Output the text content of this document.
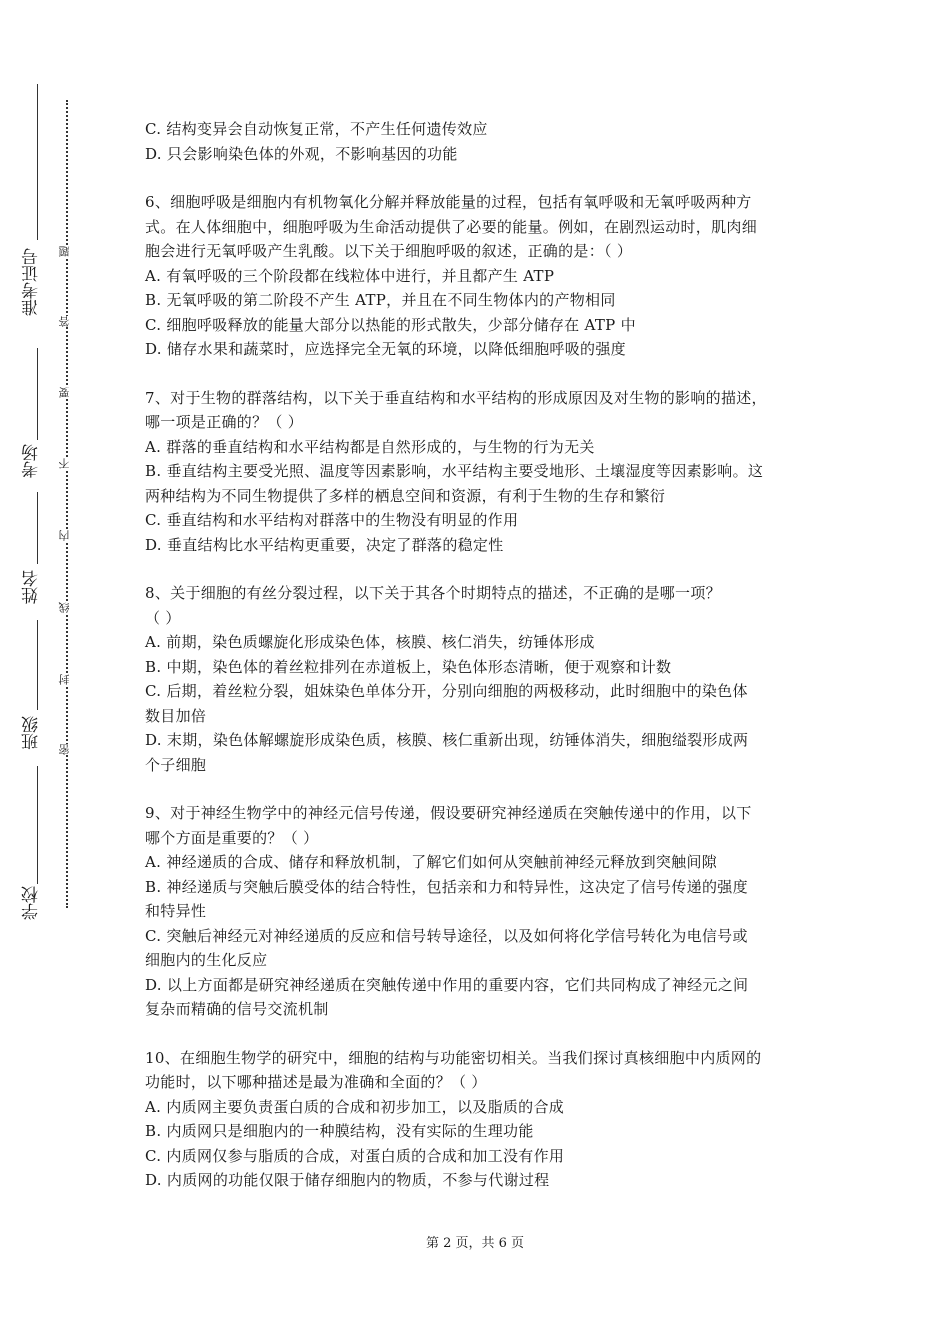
准考证号
考场
姓名
班级
学校
题
答
要
不
内
线
封
密

C. 结构变异会自动恢复正常，不产生任何遗传效应

D. 只会影响染色体的外观，不影响基因的功能

6、细胞呼吸是细胞内有机物氧化分解并释放能量的过程，包括有氧呼吸和无氧呼吸两种方

式。在人体细胞中，细胞呼吸为生命活动提供了必要的能量。例如，在剧烈运动时，肌肉细

胞会进行无氧呼吸产生乳酸。以下关于细胞呼吸的叙述，正确的是：（ ）

A. 有氧呼吸的三个阶段都在线粒体中进行，并且都产生 ATP

B. 无氧呼吸的第二阶段不产生 ATP，并且在不同生物体内的产物相同

C. 细胞呼吸释放的能量大部分以热能的形式散失，少部分储存在 ATP 中

D. 储存水果和蔬菜时，应选择完全无氧的环境，以降低细胞呼吸的强度

7、对于生物的群落结构，以下关于垂直结构和水平结构的形成原因及对生物的影响的描述，

哪一项是正确的？（ ）

A. 群落的垂直结构和水平结构都是自然形成的，与生物的行为无关

B. 垂直结构主要受光照、温度等因素影响，水平结构主要受地形、土壤湿度等因素影响。这

两种结构为不同生物提供了多样的栖息空间和资源，有利于生物的生存和繁衍

C. 垂直结构和水平结构对群落中的生物没有明显的作用

D. 垂直结构比水平结构更重要，决定了群落的稳定性

8、关于细胞的有丝分裂过程，以下关于其各个时期特点的描述，不正确的是哪一项？

（ ）

A. 前期，染色质螺旋化形成染色体，核膜、核仁消失，纺锤体形成

B. 中期，染色体的着丝粒排列在赤道板上，染色体形态清晰，便于观察和计数

C. 后期，着丝粒分裂，姐妹染色单体分开，分别向细胞的两极移动，此时细胞中的染色体

数目加倍

D. 末期，染色体解螺旋形成染色质，核膜、核仁重新出现，纺锤体消失，细胞缢裂形成两

个子细胞

9、对于神经生物学中的神经元信号传递，假设要研究神经递质在突触传递中的作用，以下

哪个方面是重要的？（ ）

A. 神经递质的合成、储存和释放机制，了解它们如何从突触前神经元释放到突触间隙

B. 神经递质与突触后膜受体的结合特性，包括亲和力和特异性，这决定了信号传递的强度

和特异性

C. 突触后神经元对神经递质的反应和信号转导途径，以及如何将化学信号转化为电信号或

细胞内的生化反应

D. 以上方面都是研究神经递质在突触传递中作用的重要内容，它们共同构成了神经元之间

复杂而精确的信号交流机制

10、在细胞生物学的研究中，细胞的结构与功能密切相关。当我们探讨真核细胞中内质网的

功能时，以下哪种描述是最为准确和全面的？（ ）

A. 内质网主要负责蛋白质的合成和初步加工，以及脂质的合成

B. 内质网只是细胞内的一种膜结构，没有实际的生理功能

C. 内质网仅参与脂质的合成，对蛋白质的合成和加工没有作用

D. 内质网的功能仅限于储存细胞内的物质，不参与代谢过程

第 2 页，共 6 页
